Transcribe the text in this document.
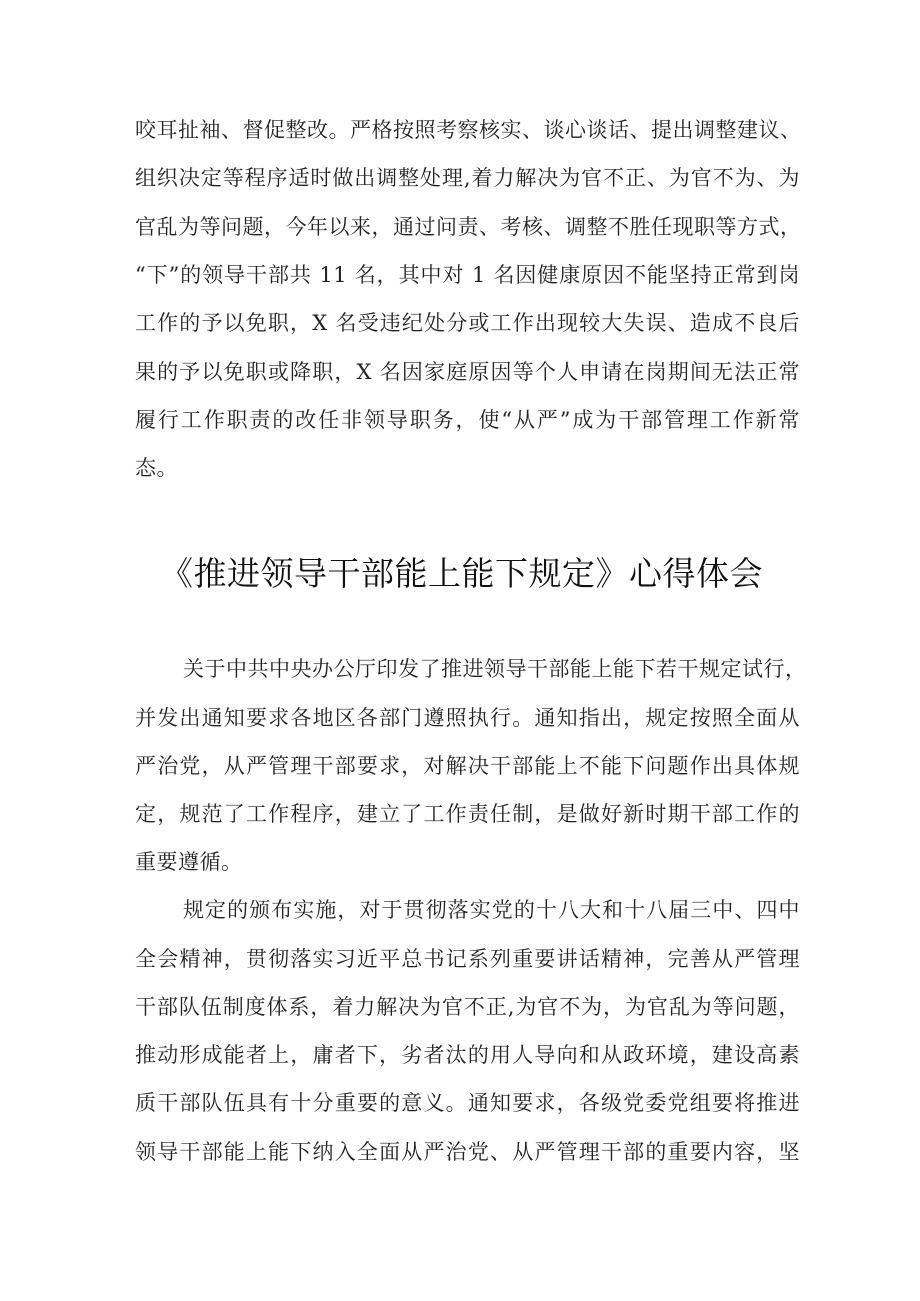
咬耳扯袖、督促整改。严格按照考察核实、谈心谈话、提出调整建议、
组织决定等程序适时做出调整处理,着力解决为官不正、为官不为、为
官乱为等问题，今年以来，通过问责、考核、调整不胜任现职等方式，
“下”的领导干部共 11 名，其中对 1 名因健康原因不能坚持正常到岗
工作的予以免职，X 名受违纪处分或工作出现较大失误、造成不良后
果的予以免职或降职，X 名因家庭原因等个人申请在岗期间无法正常
履行工作职责的改任非领导职务，使“从严”成为干部管理工作新常
态。
《推进领导干部能上能下规定》心得体会
关于中共中央办公厅印发了推进领导干部能上能下若干规定试行，
并发出通知要求各地区各部门遵照执行。通知指出，规定按照全面从
严治党，从严管理干部要求，对解决干部能上不能下问题作出具体规
定，规范了工作程序，建立了工作责任制，是做好新时期干部工作的
重要遵循。
规定的颁布实施，对于贯彻落实党的十八大和十八届三中、四中
全会精神，贯彻落实习近平总书记系列重要讲话精神，完善从严管理
干部队伍制度体系，着力解决为官不正,为官不为，为官乱为等问题，
推动形成能者上，庸者下，劣者汰的用人导向和从政环境，建设高素
质干部队伍具有十分重要的意义。通知要求，各级党委党组要将推进
领导干部能上能下纳入全面从严治党、从严管理干部的重要内容，坚
